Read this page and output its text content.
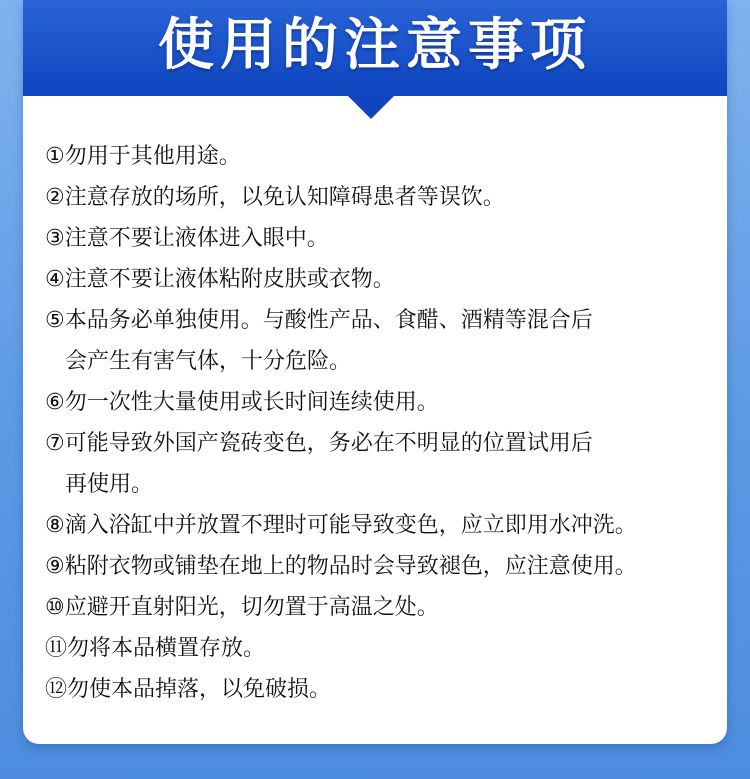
使用的注意事项
①勿用于其他用途。
②注意存放的场所，以免认知障碍患者等误饮。
③注意不要让液体进入眼中。
④注意不要让液体粘附皮肤或衣物。
⑤本品务必单独使用。与酸性产品、食醋、酒精等混合后
会产生有害气体，十分危险。
⑥勿一次性大量使用或长时间连续使用。
⑦可能导致外国产瓷砖变色，务必在不明显的位置试用后
再使用。
⑧滴入浴缸中并放置不理时可能导致变色，应立即用水冲洗。
⑨粘附衣物或铺垫在地上的物品时会导致褪色，应注意使用。
⑩应避开直射阳光，切勿置于高温之处。
⑪勿将本品横置存放。
⑫勿使本品掉落，以免破损。
